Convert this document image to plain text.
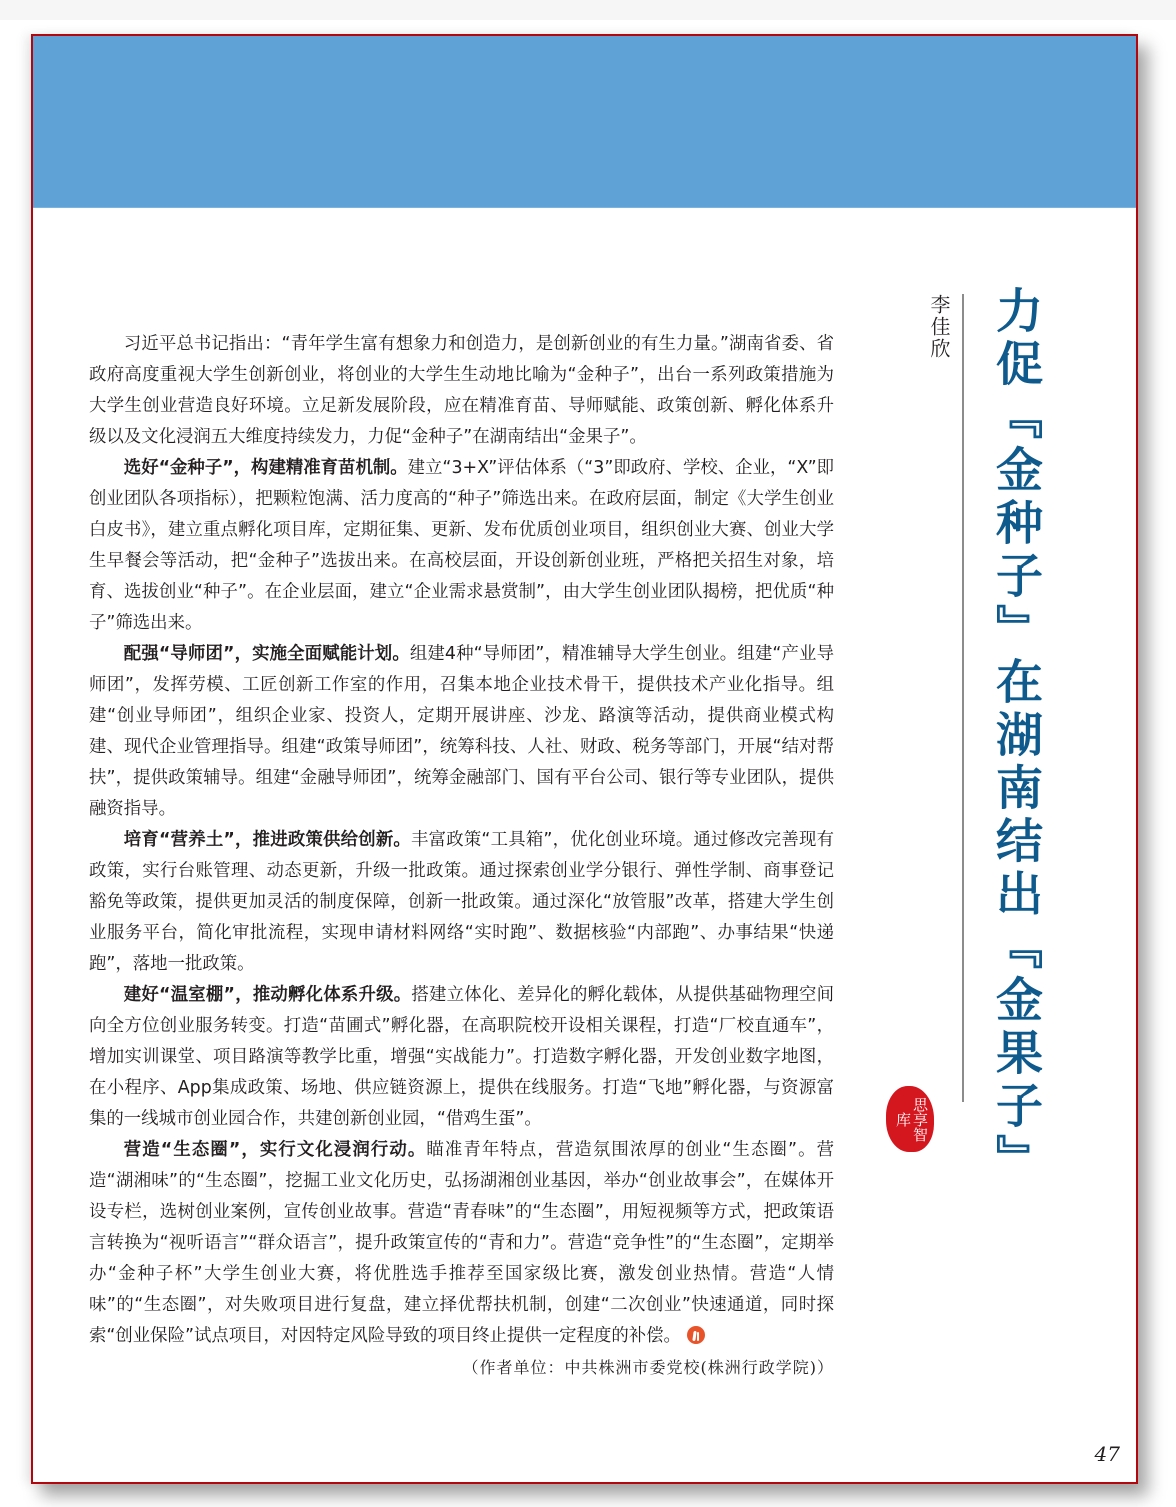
习近平总书记指出：“青年学生富有想象力和创造力，是创新创业的有生力量。”湖南省委、省政府高度重视大学生创新创业，将创业的大学生生动地比喻为“金种子”，出台一系列政策措施为大学生创业营造良好环境。立足新发展阶段，应在精准育苗、导师赋能、政策创新、孵化体系升级以及文化浸润五大维度持续发力，力促“金种子”在湖南结出“金果子”。

选好“金种子”，构建精准育苗机制。建立“3+X”评估体系（“3”即政府、学校、企业，“X”即创业团队各项指标），把颗粒饱满、活力度高的“种子”筛选出来。在政府层面，制定《大学生创业白皮书》，建立重点孵化项目库，定期征集、更新、发布优质创业项目，组织创业大赛、创业大学生早餐会等活动，把“金种子”选拔出来。在高校层面，开设创新创业班，严格把关招生对象，培育、选拔创业“种子”。在企业层面，建立“企业需求悬赏制”，由大学生创业团队揭榜，把优质“种子”筛选出来。

配强“导师团”，实施全面赋能计划。组建4种“导师团”，精准辅导大学生创业。组建“产业导师团”，发挥劳模、工匠创新工作室的作用，召集本地企业技术骨干，提供技术产业化指导。组建“创业导师团”，组织企业家、投资人，定期开展讲座、沙龙、路演等活动，提供商业模式构建、现代企业管理指导。组建“政策导师团”，统筹科技、人社、财政、税务等部门，开展“结对帮扶”，提供政策辅导。组建“金融导师团”，统筹金融部门、国有平台公司、银行等专业团队，提供融资指导。

培育“营养土”，推进政策供给创新。丰富政策“工具箱”，优化创业环境。通过修改完善现有政策，实行台账管理、动态更新，升级一批政策。通过探索创业学分银行、弹性学制、商事登记豁免等政策，提供更加灵活的制度保障，创新一批政策。通过深化“放管服”改革，搭建大学生创业服务平台，简化审批流程，实现申请材料网络“实时跑”、数据核验“内部跑”、办事结果“快递跑”，落地一批政策。

建好“温室棚”，推动孵化体系升级。搭建立体化、差异化的孵化载体，从提供基础物理空间向全方位创业服务转变。打造“苗圃式”孵化器，在高职院校开设相关课程，打造“厂校直通车”，增加实训课堂、项目路演等教学比重，增强“实战能力”。打造数字孵化器，开发创业数字地图，在小程序、App集成政策、场地、供应链资源上，提供在线服务。打造“飞地”孵化器，与资源富集的一线城市创业园合作，共建创新创业园，“借鸡生蛋”。

营造“生态圈”，实行文化浸润行动。瞄准青年特点，营造氛围浓厚的创业“生态圈”。营造“湖湘味”的“生态圈”，挖掘工业文化历史，弘扬湖湘创业基因，举办“创业故事会”，在媒体开设专栏，选树创业案例，宣传创业故事。营造“青春味”的“生态圈”，用短视频等方式，把政策语言转换为“视听语言”“群众语言”，提升政策宣传的“青和力”。营造“竞争性”的“生态圈”，定期举办“金种子杯”大学生创业大赛，将优胜选手推荐至国家级比赛，激发创业热情。营造“人情味”的“生态圈”，对失败项目进行复盘，建立择优帮扶机制，创建“二次创业”快速通道，同时探索“创业保险”试点项目，对因特定风险导致的项目终止提供一定程度的补偿。
（作者单位：中共株洲市委党校(株洲行政学院)）

李佳欣 力促『金种子』在湖南结出『金果子』
思享智库
47
